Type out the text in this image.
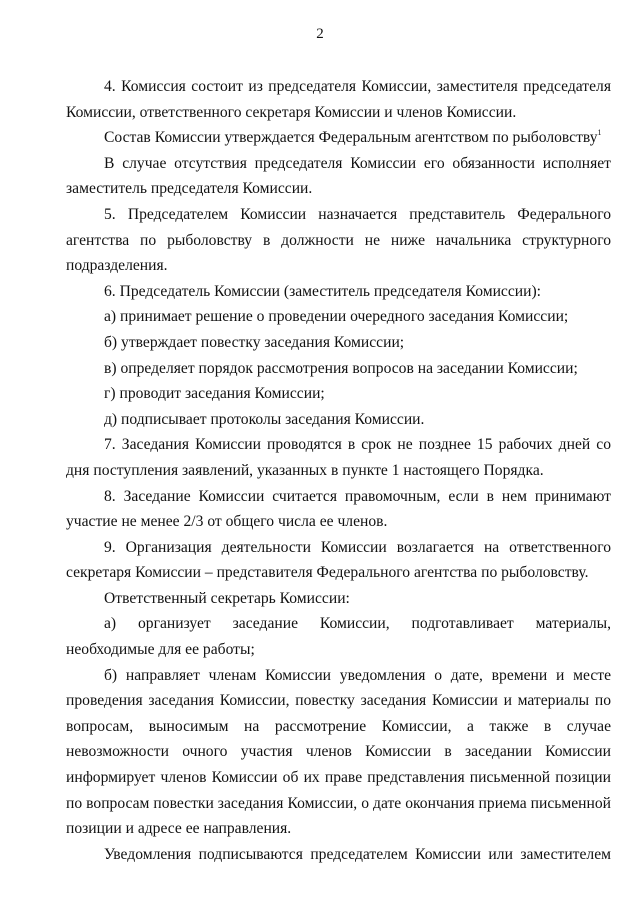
2

4. Комиссия состоит из председателя Комиссии, заместителя председателя Комиссии, ответственного секретаря Комиссии и членов Комиссии.

Состав Комиссии утверждается Федеральным агентством по рыболовству$^1$

В случае отсутствия председателя Комиссии его обязанности исполняет заместитель председателя Комиссии.

5. Председателем Комиссии назначается представитель Федерального агентства по рыболовству в должности не ниже начальника структурного подразделения.

6. Председатель Комиссии (заместитель председателя Комиссии):

а) принимает решение о проведении очередного заседания Комиссии;

б) утверждает повестку заседания Комиссии;

в) определяет порядок рассмотрения вопросов на заседании Комиссии;

г) проводит заседания Комиссии;

д) подписывает протоколы заседания Комиссии.

7. Заседания Комиссии проводятся в срок не позднее 15 рабочих дней со дня поступления заявлений, указанных в пункте 1 настоящего Порядка.

8. Заседание Комиссии считается правомочным, если в нем принимают участие не менее 2/3 от общего числа ее членов.

9. Организация деятельности Комиссии возлагается на ответственного секретаря Комиссии – представителя Федерального агентства по рыболовству.

Ответственный секретарь Комиссии:

а) организует заседание Комиссии, подготавливает материалы, необходимые для ее работы;

б) направляет членам Комиссии уведомления о дате, времени и месте проведения заседания Комиссии, повестку заседания Комиссии и материалы по вопросам, выносимым на рассмотрение Комиссии, а также в случае невозможности очного участия членов Комиссии в заседании Комиссии информирует членов Комиссии об их праве представления письменной позиции по вопросам повестки заседания Комиссии, о дате окончания приема письменной позиции и адресе ее направления.

Уведомления подписываются председателем Комиссии или заместителем
